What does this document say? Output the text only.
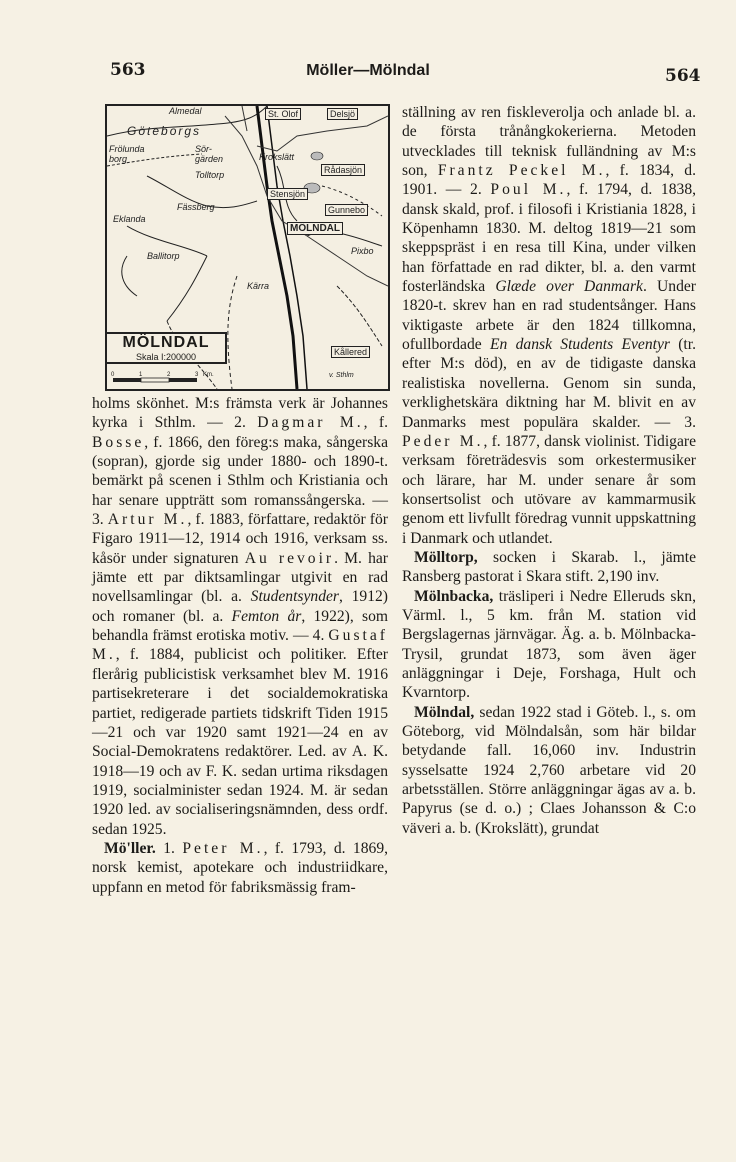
563	Möller—Mölndal	564
Almedal
Göteborgs
Frölunda borg
Sör-gärden	Krokslätt
Tolltorp
Fässberg
Eklanda
Ballitorp
Kärra
St. Olof	Delsjö
Rådasjön
Stensjön
Gunnebo
MÖLNDAL
Pixbo
Kållered
v. Sthlm
MÖLNDAL
Skala I:200000
0	1	2	3 Km.

holms skönhet. M:s främsta verk är Johannes kyrka i Sthlm. — 2. Dagmar M., f. Bosse, f. 1866, den föreg:s maka, sångerska (sopran), gjorde sig under 1880- och 1890-t. bemärkt på scenen i Sthlm och Kristiania och har senare uppträtt som romanssångerska. — 3. Artur M., f. 1883, författare, redaktör för Figaro 1911—12, 1914 och 1916, verksam ss. kåsör under signaturen Au revoir. M. har jämte ett par diktsamlingar utgivit en rad novellsamlingar (bl. a. Studentsynder, 1912) och romaner (bl. a. Femton år, 1922), som behandla främst erotiska motiv. — 4. Gustaf M., f. 1884, publicist och politiker. Efter flerårig publicistisk verksamhet blev M. 1916 partisekreterare i det socialdemokratiska partiet, redigerade partiets tidskrift Tiden 1915—21 och var 1920 samt 1921—24 en av Social-Demokratens redaktörer. Led. av A. K. 1918—19 och av F. K. sedan urtima riksdagen 1919, socialminister sedan 1924. M. är sedan 1920 led. av socialiseringsnämnden, dess ordf. sedan 1925.

Mö'ller. 1. Peter M., f. 1793, d. 1869, norsk kemist, apotekare och industriidkare, uppfann en metod för fabriksmässig fram-

ställning av ren fiskleverolja och anlade bl. a. de första trånångkokerierna. Metoden utvecklades till teknisk fulländning av M:s son, Frantz Peckel M., f. 1834, d. 1901. — 2. Poul M., f. 1794, d. 1838, dansk skald, prof. i filosofi i Kristiania 1828, i Köpenhamn 1830. M. deltog 1819—21 som skeppspräst i en resa till Kina, under vilken han författade en rad dikter, bl. a. den varmt fosterländska Glæde over Danmark. Under 1820-t. skrev han en rad studentsånger. Hans viktigaste arbete är den 1824 tillkomna, ofullbordade En dansk Students Eventyr (tr. efter M:s död), en av de tidigaste danska realistiska novellerna. Genom sin sunda, verklighetskära diktning har M. blivit en av Danmarks mest populära skalder. — 3. Peder M., f. 1877, dansk violinist. Tidigare verksam företrädesvis som orkestermusiker och lärare, har M. under senare år som konsertsolist och utövare av kammarmusik genom ett livfullt föredrag vunnit uppskattning i Danmark och utlandet.

Mölltorp, socken i Skarab. l., jämte Ransberg pastorat i Skara stift. 2,190 inv.

Mölnbacka, träsliperi i Nedre Elleruds skn, Värml. l., 5 km. från M. station vid Bergslagernas järnvägar. Äg. a. b. Mölnbacka-Trysil, grundat 1873, som även äger anläggningar i Deje, Forshaga, Hult och Kvarntorp.

Mölndal, sedan 1922 stad i Göteb. l., s. om Göteborg, vid Mölndalsån, som här bildar betydande fall. 16,060 inv. Industrin sysselsatte 1924 2,760 arbetare vid 20 arbetsställen. Större anläggningar ägas av a. b. Papyrus (se d. o.) ; Claes Johansson & C:o väveri a. b. (Krokslätt), grundat
